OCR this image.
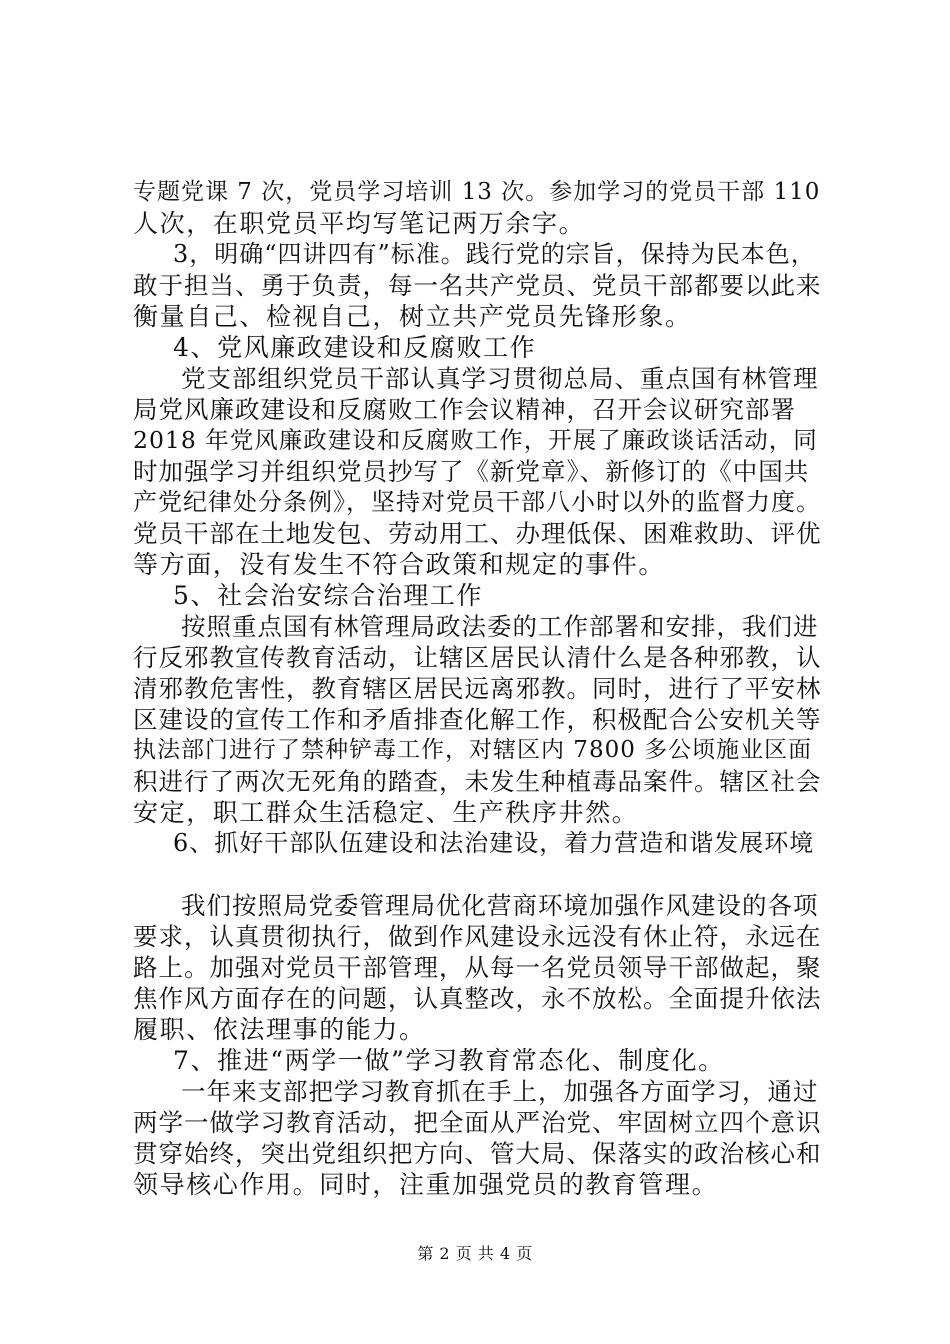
专题党课 7 次，党员学习培训 13 次。参加学习的党员干部 110
人次，在职党员平均写笔记两万余字。
3，明确“四讲四有”标准。践行党的宗旨，保持为民本色，
敢于担当、勇于负责，每一名共产党员、党员干部都要以此来
衡量自己、检视自己，树立共产党员先锋形象。
4、党风廉政建设和反腐败工作
党支部组织党员干部认真学习贯彻总局、重点国有林管理
局党风廉政建设和反腐败工作会议精神，召开会议研究部署
2018 年党风廉政建设和反腐败工作，开展了廉政谈话活动，同
时加强学习并组织党员抄写了《新党章》、新修订的《中国共
产党纪律处分条例》，坚持对党员干部八小时以外的监督力度。
党员干部在土地发包、劳动用工、办理低保、困难救助、评优
等方面，没有发生不符合政策和规定的事件。
5、社会治安综合治理工作
按照重点国有林管理局政法委的工作部署和安排，我们进
行反邪教宣传教育活动，让辖区居民认清什么是各种邪教，认
清邪教危害性，教育辖区居民远离邪教。同时，进行了平安林
区建设的宣传工作和矛盾排查化解工作，积极配合公安机关等
执法部门进行了禁种铲毒工作，对辖区内 7800 多公顷施业区面
积进行了两次无死角的踏查，未发生种植毒品案件。辖区社会
安定，职工群众生活稳定、生产秩序井然。
6、抓好干部队伍建设和法治建设，着力营造和谐发展环境
我们按照局党委管理局优化营商环境加强作风建设的各项
要求，认真贯彻执行，做到作风建设永远没有休止符，永远在
路上。加强对党员干部管理，从每一名党员领导干部做起，聚
焦作风方面存在的问题，认真整改，永不放松。全面提升依法
履职、依法理事的能力。
7、推进“两学一做”学习教育常态化、制度化。
一年来支部把学习教育抓在手上，加强各方面学习，通过
两学一做学习教育活动，把全面从严治党、牢固树立四个意识
贯穿始终，突出党组织把方向、管大局、保落实的政治核心和
领导核心作用。同时，注重加强党员的教育管理。
第 2 页 共 4 页
